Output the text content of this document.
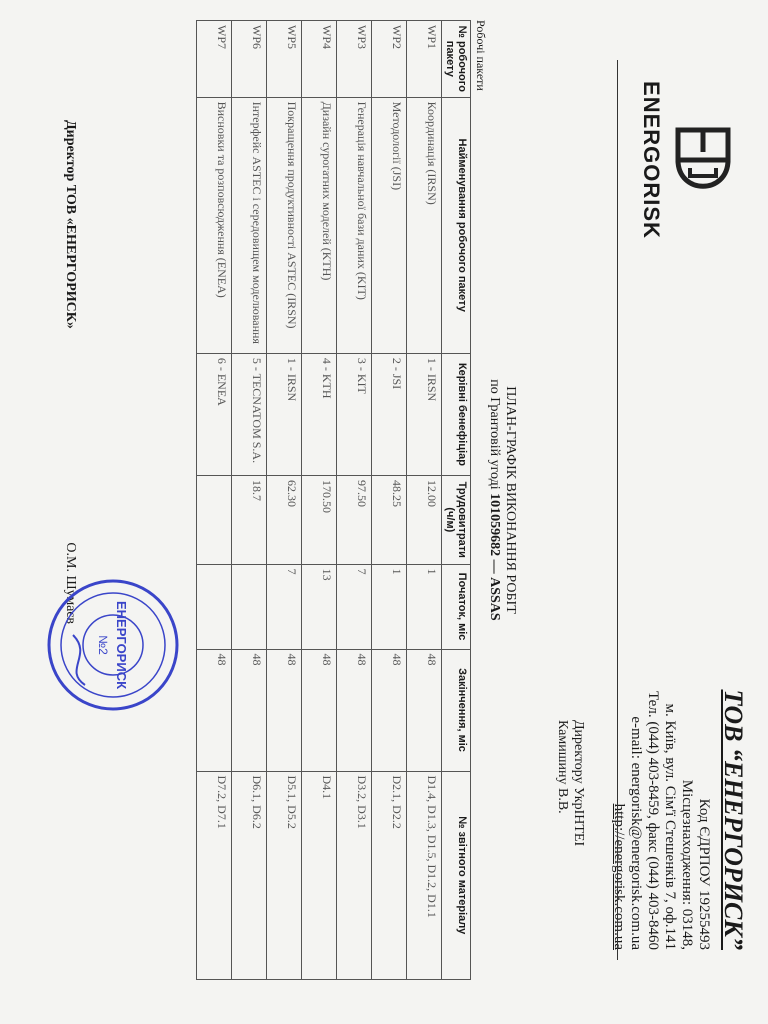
ENERGORISK
ТОВ “ЕНЕРГОРИСК”
Код ЄДРПОУ 19255493
Місцезнаходження: 03148,
м. Київ, вул. Сім'ї Стешенків 7, оф.141
Тел. (044) 403-8459, факс (044) 403-8460
e-mail: energorisk@energorisk.com.ua
http://energorisk.com.ua
Директору УкрІНТЕІ
Камишину В.В.
ПЛАН-ГРАФІК ВИКОНАННЯ РОБІТ
по Грантовій угоді 101059682 — ASSAS
Робочі пакети
№ робочого пакету	Найменування робочого пакету	Керівні бенефіціар	Трудовитрати (ч/м)	Початок, міс	Закінчення, міс	№ звітного матеріалу
WP1	Координація (IRSN)	1 - IRSN	12.00	1	48	D1.4, D1.3, D1.5, D1.2, D1.1
WP2	Методології (JSI)	2 - JSI	48.25	1	48	D2.1, D2.2
WP3	Генерація навчальної бази даних (KIT)	3 - KIT	97.50	7	48	D3.2, D3.1
WP4	Дизайн сурогатних моделей (KTH)	4 - KTH	170.50	13	48	D4.1
WP5	Покращення продуктивності ASTEC (IRSN)	1 - IRSN	62.30	7	48	D5.1, D5.2
WP6	Інтерфейс ASTEC і середовищем моделювання	5 - TECNATOM S.A.	18.7		48	D6.1, D6.2
WP7	Висновки та розповсюдження (ENEA)	6 - ENEA			48	D7.2, D7.1
Директор ТОВ «ЕНЕРГОРИСК» О.М. Шумаєв
ЕНЕРГОРИСК
№2
